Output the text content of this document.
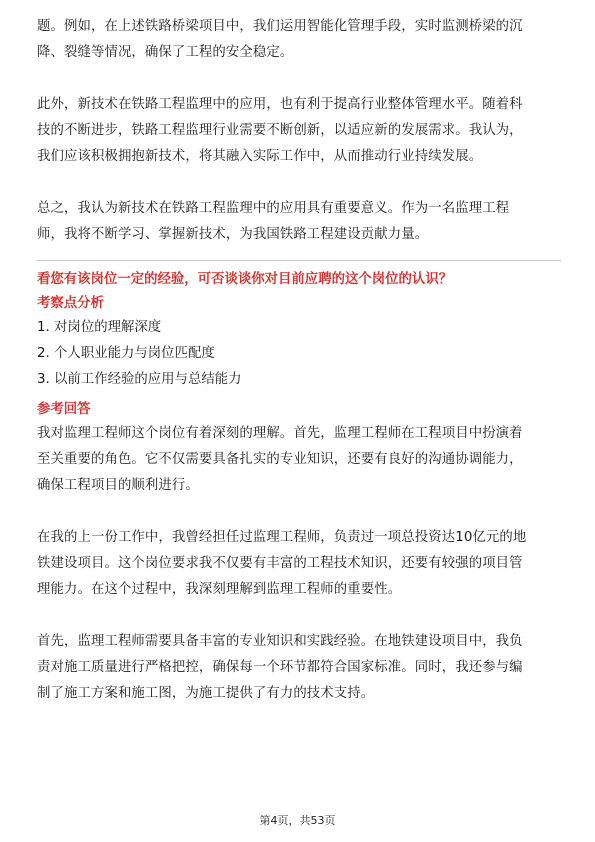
题。例如，在上述铁路桥梁项目中，我们运用智能化管理手段，实时监测桥梁的沉

降、裂缝等情况，确保了工程的安全稳定。

此外，新技术在铁路工程监理中的应用，也有利于提高行业整体管理水平。随着科

技的不断进步，铁路工程监理行业需要不断创新，以适应新的发展需求。我认为，

我们应该积极拥抱新技术，将其融入实际工作中，从而推动行业持续发展。

总之，我认为新技术在铁路工程监理中的应用具有重要意义。作为一名监理工程

师，我将不断学习、掌握新技术，为我国铁路工程建设贡献力量。

看您有该岗位一定的经验，可否谈谈你对目前应聘的这个岗位的认识？

考察点分析

1. 对岗位的理解深度

2. 个人职业能力与岗位匹配度

3. 以前工作经验的应用与总结能力

参考回答

我对监理工程师这个岗位有着深刻的理解。首先，监理工程师在工程项目中扮演着

至关重要的角色。它不仅需要具备扎实的专业知识，还要有良好的沟通协调能力，

确保工程项目的顺利进行。

在我的上一份工作中，我曾经担任过监理工程师，负责过一项总投资达10亿元的地

铁建设项目。这个岗位要求我不仅要有丰富的工程技术知识，还要有较强的项目管

理能力。在这个过程中，我深刻理解到监理工程师的重要性。

首先，监理工程师需要具备丰富的专业知识和实践经验。在地铁建设项目中，我负

责对施工质量进行严格把控，确保每一个环节都符合国家标准。同时，我还参与编

制了施工方案和施工图，为施工提供了有力的技术支持。

第4页，共53页
